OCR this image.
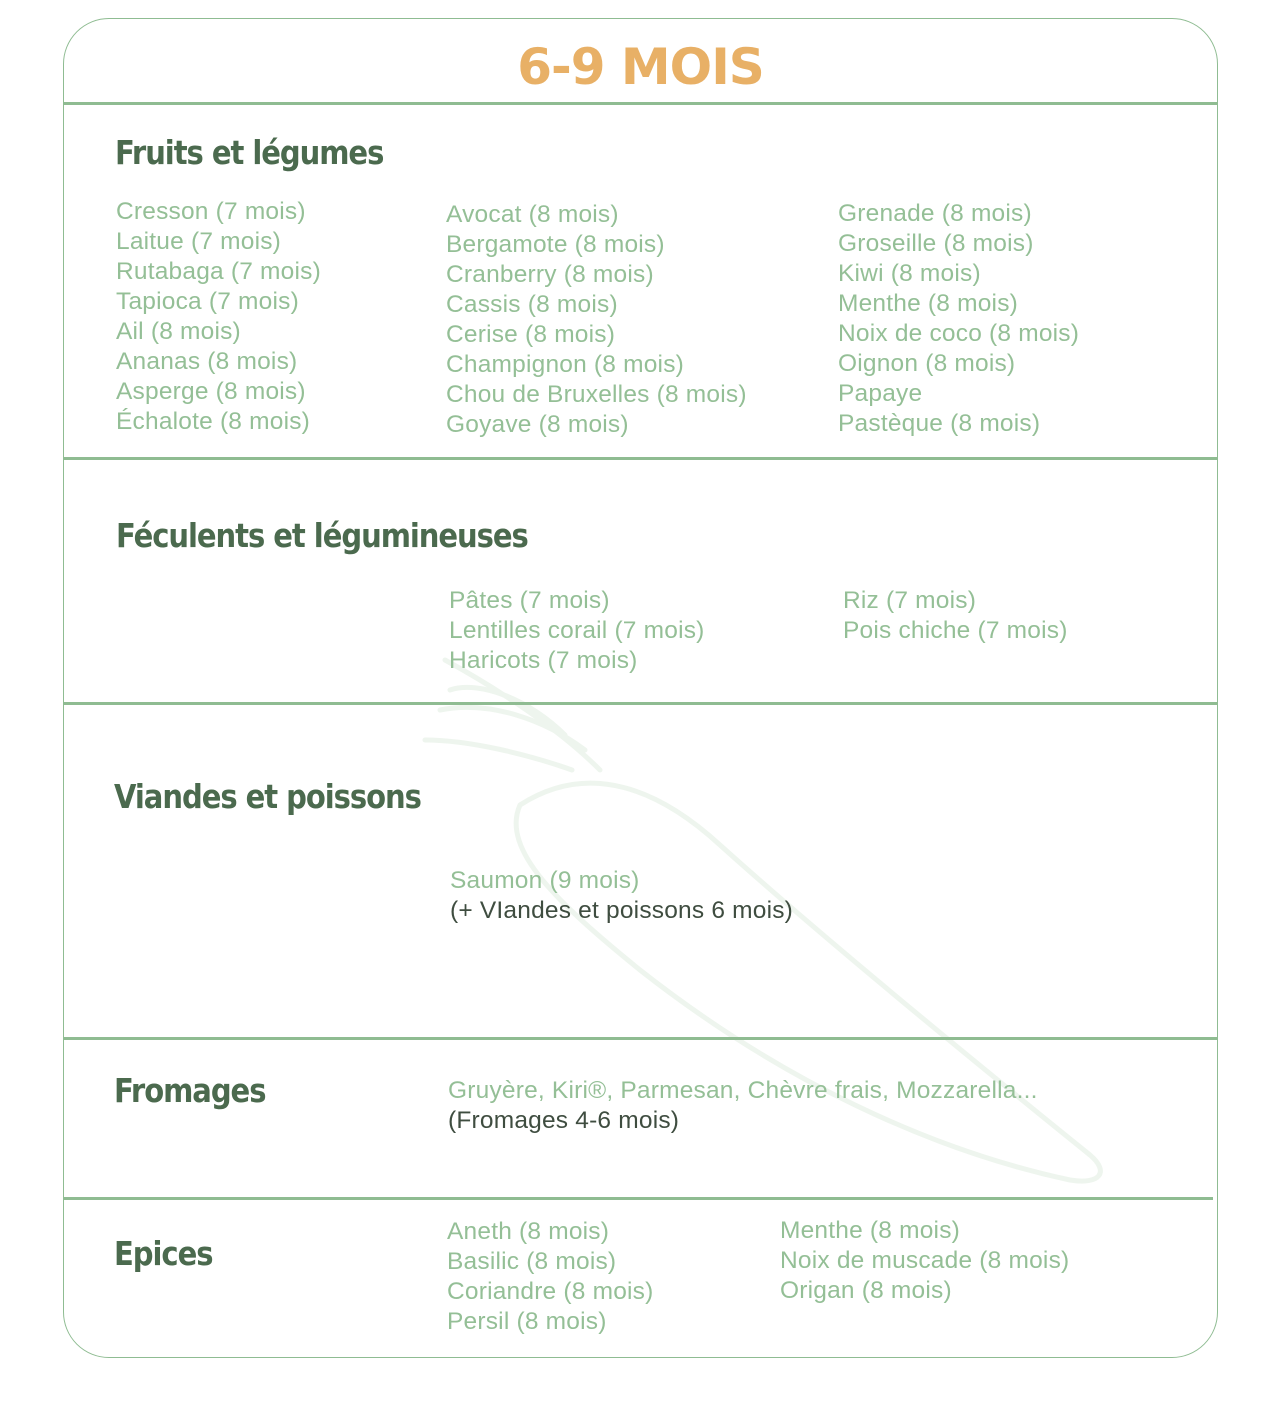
6-9 MOIS
Fruits et légumes
Cresson (7 mois)
Laitue (7 mois)
Rutabaga (7 mois)
Tapioca (7 mois)
Ail (8 mois)
Ananas (8 mois)
Asperge (8 mois)
Échalote (8 mois)
Avocat (8 mois)
Bergamote (8 mois)
Cranberry (8 mois)
Cassis (8 mois)
Cerise (8 mois)
Champignon (8 mois)
Chou de Bruxelles (8 mois)
Goyave (8 mois)
Grenade (8 mois)
Groseille (8 mois)
Kiwi (8 mois)
Menthe (8 mois)
Noix de coco (8 mois)
Oignon (8 mois)
Papaye
Pastèque (8 mois)
Féculents et légumineuses
Pâtes (7 mois)
Lentilles corail (7 mois)
Haricots (7 mois)
Riz (7 mois)
Pois chiche (7 mois)
Viandes et poissons
Saumon (9 mois)
(+ VIandes et poissons 6 mois)
Fromages	Gruyère, Kiri®, Parmesan, Chèvre frais, Mozzarella...
(Fromages 4-6 mois)
Epices
Aneth (8 mois)
Basilic (8 mois)
Coriandre (8 mois)
Persil (8 mois)
Menthe (8 mois)
Noix de muscade (8 mois)
Origan (8 mois)
